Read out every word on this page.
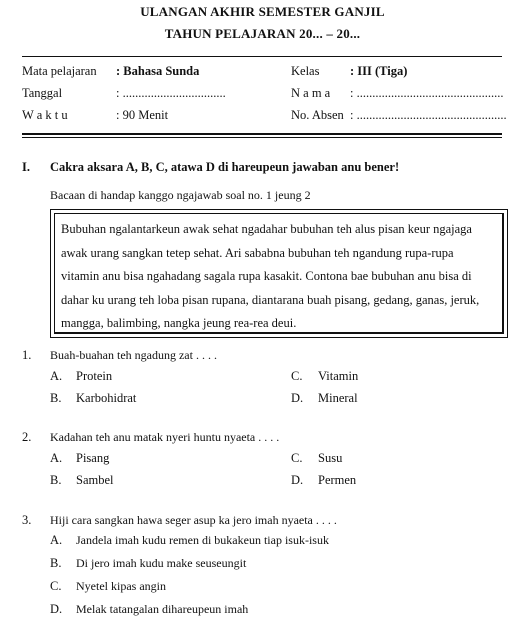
ULANGAN AKHIR SEMESTER GANJIL
TAHUN PELAJARAN 20... – 20...
Mata pelajaran : Bahasa Sunda
Tanggal	: .................................
W a k t u	: 90 Menit
Kelas : III (Tiga)
N a m a : ...............................................
No. Absen : ................................................
I. Cakra aksara A, B, C, atawa D di hareupeun jawaban anu bener!
Bacaan di handap kanggo ngajawab soal no. 1 jeung 2
Bubuhan ngalantarkeun awak sehat ngadahar bubuhan teh alus pisan keur ngajaga
awak urang sangkan tetep sehat. Ari sababna bubuhan teh ngandung rupa-rupa
vitamin anu bisa ngahadang sagala rupa kasakit. Contona bae bubuhan anu bisa di
dahar ku urang teh loba pisan rupana, diantarana buah pisang, gedang, ganas, jeruk,
mangga, balimbing, nangka jeung rea-rea deui.
1. Buah-buahan teh ngadung zat . . . .
A. Protein
B. Karbohidrat
C. Vitamin
D. Mineral
2. Kadahan teh anu matak nyeri huntu nyaeta . . . .
A. Pisang
B. Sambel
C. Susu
D. Permen
3. Hiji cara sangkan hawa seger asup ka jero imah nyaeta . . . .
A. Jandela imah kudu remen di bukakeun tiap isuk-isuk
B. Di jero imah kudu make seuseungit
C. Nyetel kipas angin
D. Melak tatangalan dihareupeun imah
